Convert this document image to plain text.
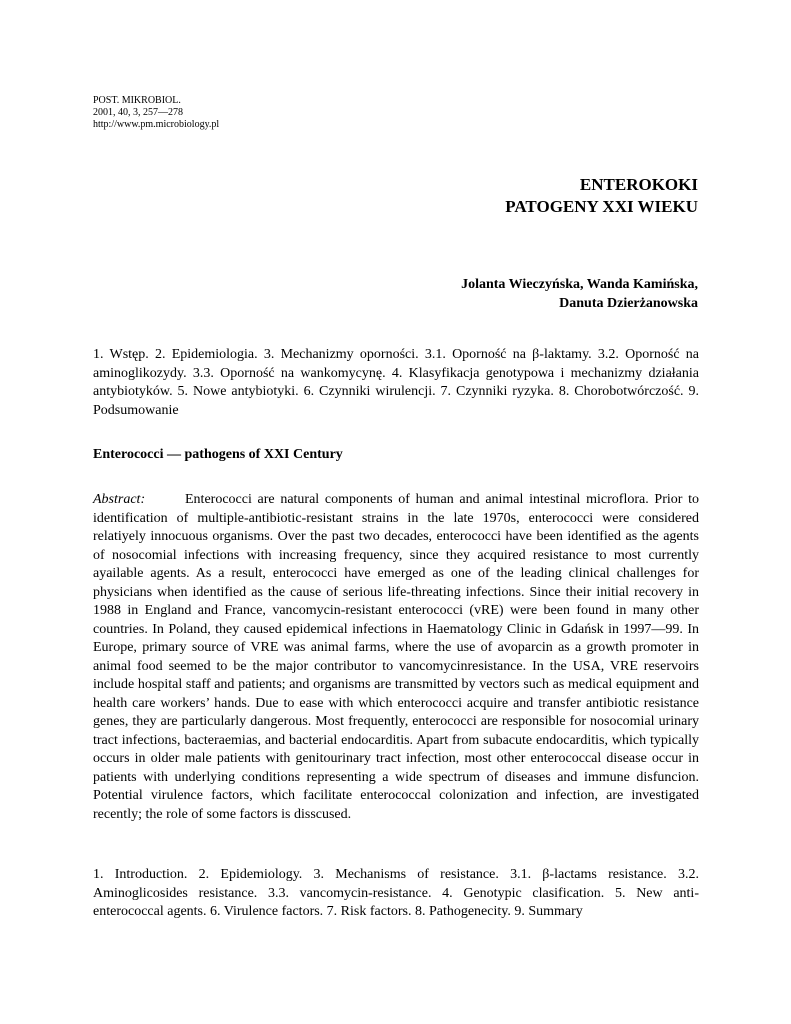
POST. MIKROBIOL.
2001, 40, 3, 257—278
http://www.pm.microbiology.pl
ENTEROKOKI
PATOGENY XXI WIEKU
Jolanta Wieczyńska, Wanda Kamińska,
Danuta Dzierżanowska
1. Wstęp. 2. Epidemiologia. 3. Mechanizmy oporności. 3.1. Oporność na β-laktamy. 3.2. Oporność na aminoglikozydy. 3.3. Oporność na wankomycynę. 4. Klasyfikacja genotypowa i mechanizmy działania antybiotyków. 5. Nowe antybiotyki. 6. Czynniki wirulencji. 7. Czynniki ryzyka. 8. Chorobotwórczość. 9. Podsumowanie
Enterococci — pathogens of XXI Century
Abstract:	Enterococci are natural components of human and animal intestinal microflora. Prior to identification of multiple-antibiotic-resistant strains in the late 1970s, enterococci were considered relatiyely innocuous organisms. Over the past two decades, enterococci have been identified as the agents of nosocomial infections with increasing frequency, since they acquired resistance to most currently ayailable agents. As a result, enterococci have emerged as one of the leading clinical challenges for physicians when identified as the cause of serious life-threating infections. Since their initial recovery in 1988 in England and France, vancomycin-resistant enterococci (vRE) were been found in many other countries. In Poland, they caused epidemical infections in Haematology Clinic in Gdańsk in 1997—99. In Europe, primary source of VRE was animal farms, where the use of avoparcin as a growth promoter in animal food seemed to be the major contributor to vancomycinresistance. In the USA, VRE reservoirs include hospital staff and patients; and organisms are transmitted by vectors such as medical equipment and health care workers’ hands. Due to ease with which enterococci acquire and transfer antibiotic resistance genes, they are particularly dangerous. Most frequently, enterococci are responsible for nosocomial urinary tract infections, bacteraemias, and bacterial endocarditis. Apart from subacute endocarditis, which typically occurs in older male patients with genitourinary tract infection, most other enterococcal disease occur in patients with underlying conditions representing a wide spectrum of diseases and immune disfuncion. Potential virulence factors, which facilitate enterococcal colonization and infection, are investigated recently; the role of some factors is disscused.
1. Introduction. 2. Epidemiology. 3. Mechanisms of resistance. 3.1. β-lactams resistance. 3.2. Aminoglicosides resistance. 3.3. vancomycin-resistance. 4. Genotypic clasification. 5. New anti-enterococcal agents. 6. Virulence factors. 7. Risk factors. 8. Pathogenecity. 9. Summary
